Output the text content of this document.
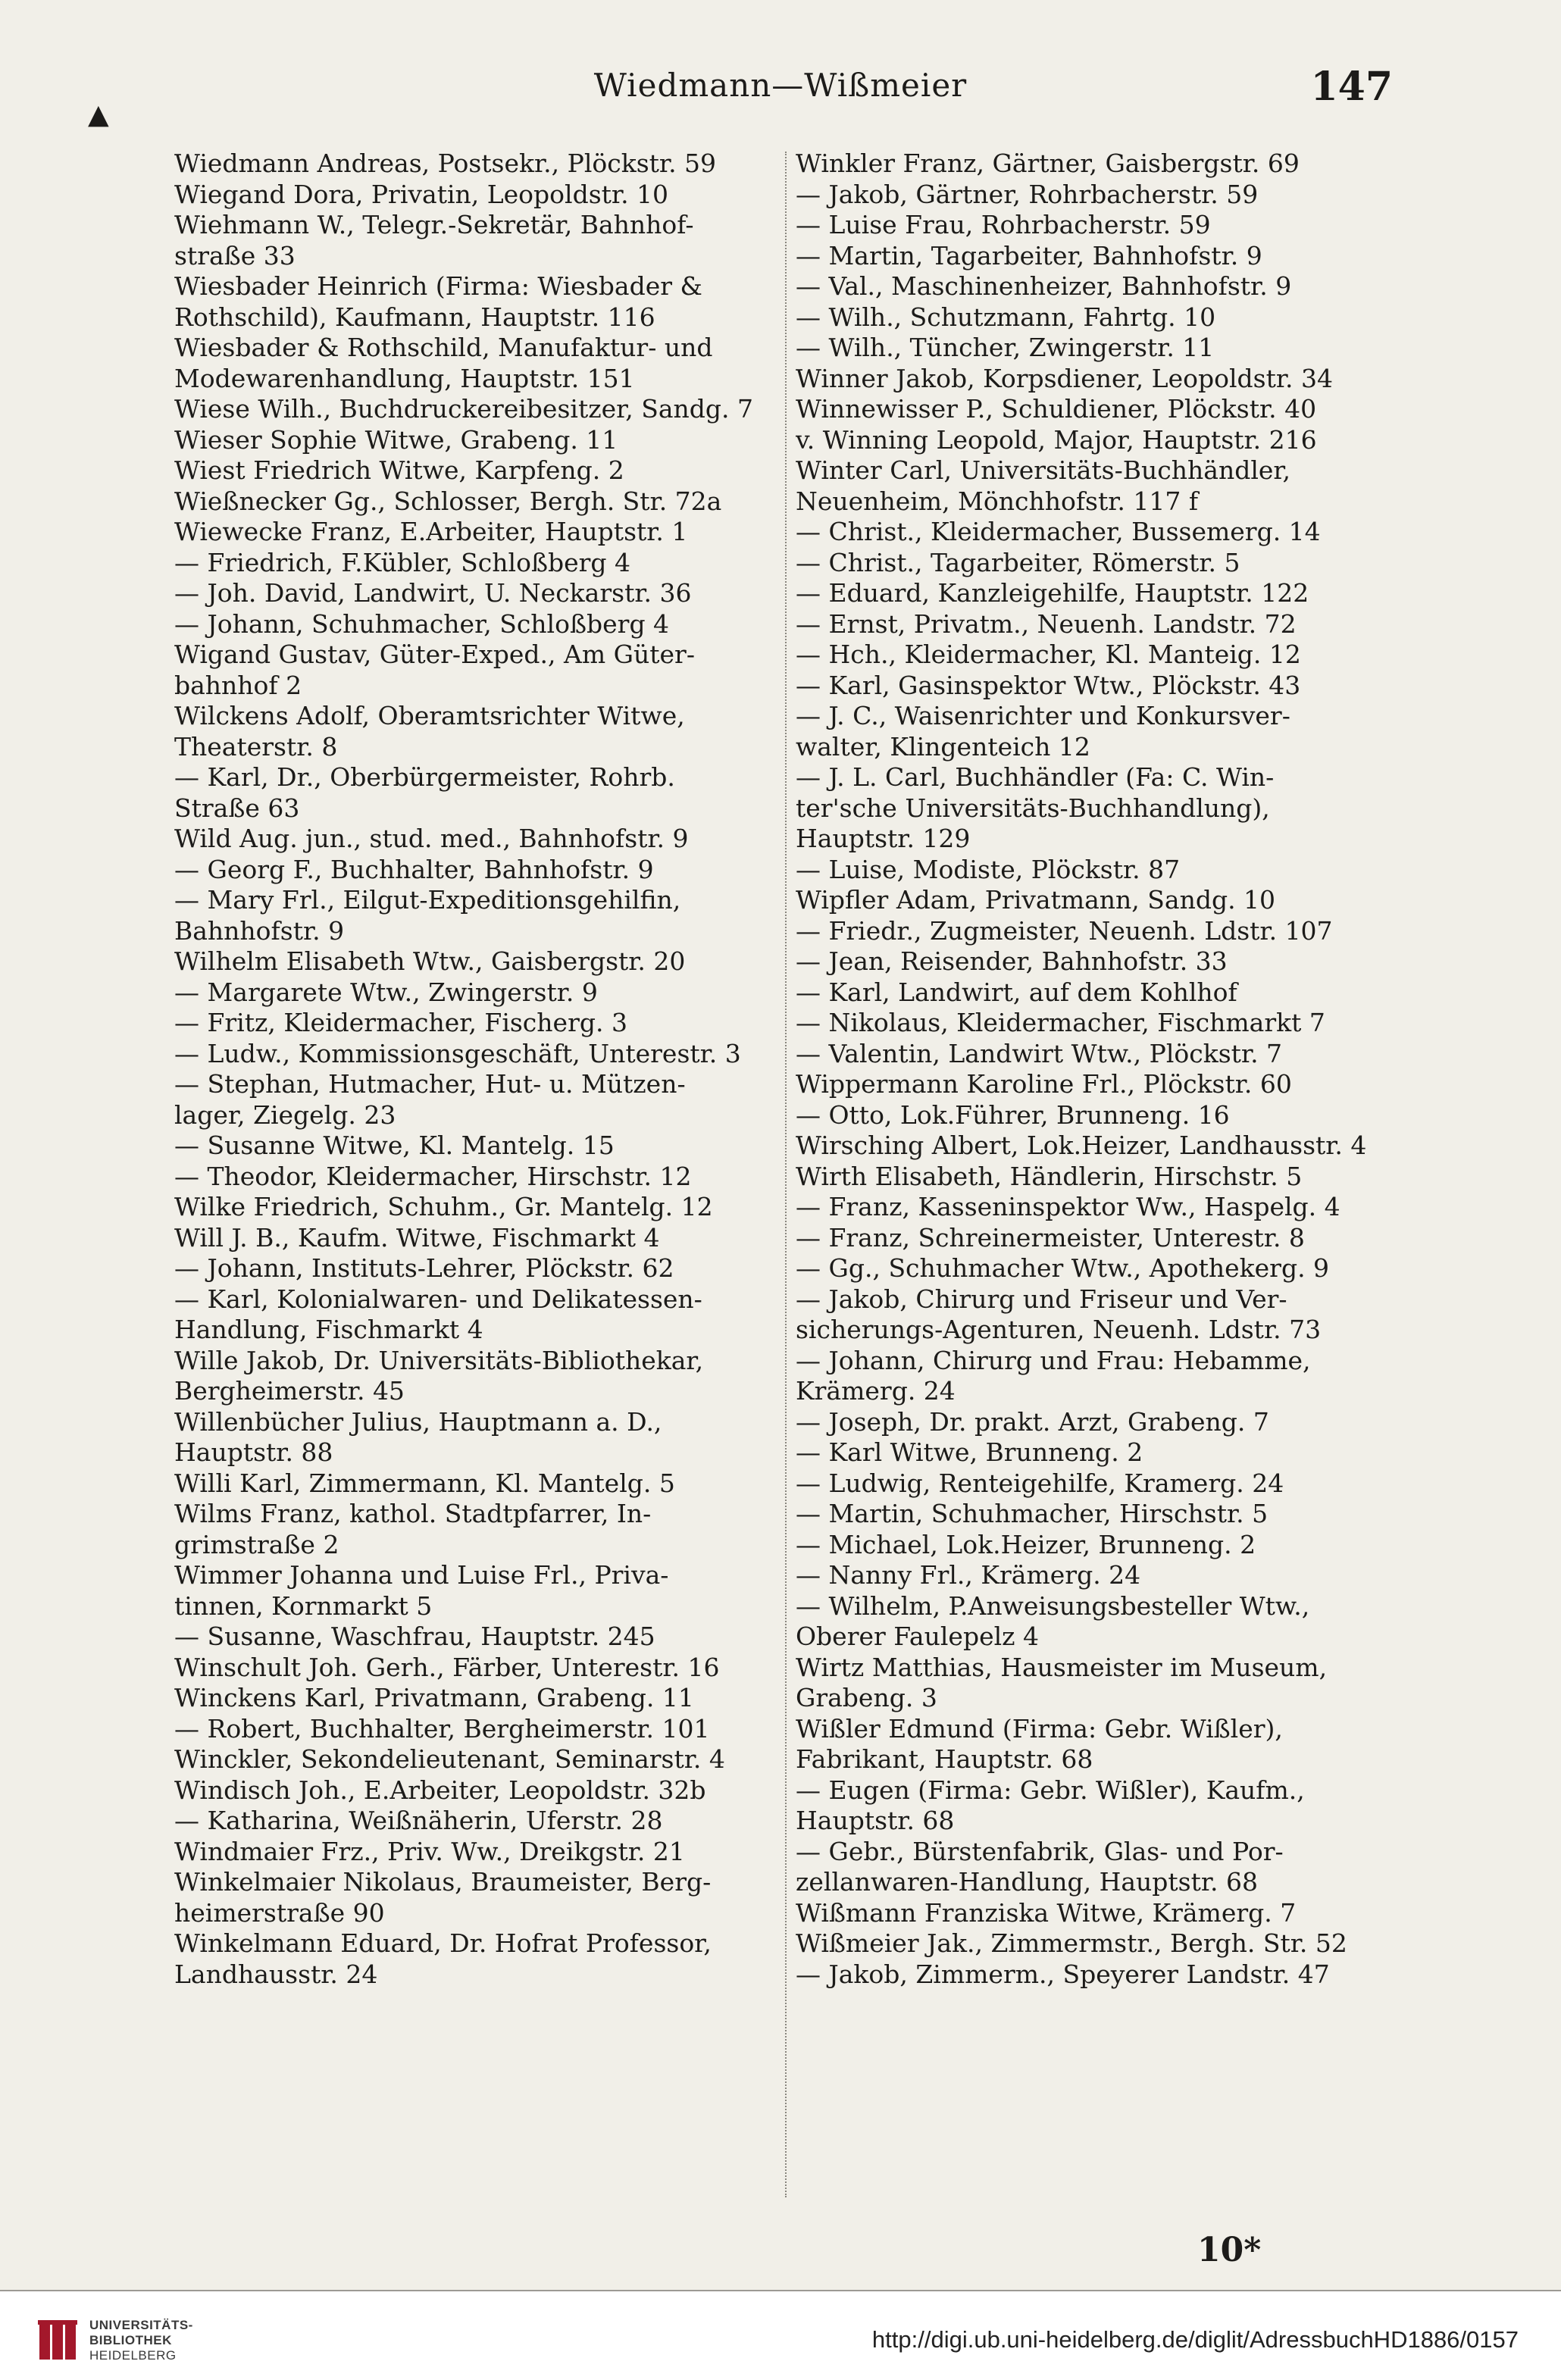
▲
Wiedmann—Wißmeier	147
Wiedmann Andreas, Postsekr., Plöckstr. 59
Wiegand Dora, Privatin, Leopoldstr. 10
Wiehmann W., Telegr.-Sekretär, Bahnhof-
straße 33
Wiesbader Heinrich (Firma: Wiesbader &
Rothschild), Kaufmann, Hauptstr. 116
Wiesbader & Rothschild, Manufaktur- und
Modewarenhandlung, Hauptstr. 151
Wiese Wilh., Buchdruckereibesitzer, Sandg. 7
Wieser Sophie Witwe, Grabeng. 11
Wiest Friedrich Witwe, Karpfeng. 2
Wießnecker Gg., Schlosser, Bergh. Str. 72a
Wiewecke Franz, E.Arbeiter, Hauptstr. 1
— Friedrich, F.Kübler, Schloßberg 4
— Joh. David, Landwirt, U. Neckarstr. 36
— Johann, Schuhmacher, Schloßberg 4
Wigand Gustav, Güter-Exped., Am Güter-
bahnhof 2
Wilckens Adolf, Oberamtsrichter Witwe,
Theaterstr. 8
— Karl, Dr., Oberbürgermeister, Rohrb.
Straße 63
Wild Aug. jun., stud. med., Bahnhofstr. 9
— Georg F., Buchhalter, Bahnhofstr. 9
— Mary Frl., Eilgut-Expeditionsgehilfin,
Bahnhofstr. 9
Wilhelm Elisabeth Wtw., Gaisbergstr. 20
— Margarete Wtw., Zwingerstr. 9
— Fritz, Kleidermacher, Fischerg. 3
— Ludw., Kommissionsgeschäft, Unterestr. 3
— Stephan, Hutmacher, Hut- u. Mützen-
lager, Ziegelg. 23
— Susanne Witwe, Kl. Mantelg. 15
— Theodor, Kleidermacher, Hirschstr. 12
Wilke Friedrich, Schuhm., Gr. Mantelg. 12
Will J. B., Kaufm. Witwe, Fischmarkt 4
— Johann, Instituts-Lehrer, Plöckstr. 62
— Karl, Kolonialwaren- und Delikatessen-
Handlung, Fischmarkt 4
Wille Jakob, Dr. Universitäts-Bibliothekar,
Bergheimerstr. 45
Willenbücher Julius, Hauptmann a. D.,
Hauptstr. 88
Willi Karl, Zimmermann, Kl. Mantelg. 5
Wilms Franz, kathol. Stadtpfarrer, In-
grimstraße 2
Wimmer Johanna und Luise Frl., Priva-
tinnen, Kornmarkt 5
— Susanne, Waschfrau, Hauptstr. 245
Winschult Joh. Gerh., Färber, Unterestr. 16
Winckens Karl, Privatmann, Grabeng. 11
— Robert, Buchhalter, Bergheimerstr. 101
Winckler, Sekondelieutenant, Seminarstr. 4
Windisch Joh., E.Arbeiter, Leopoldstr. 32b
— Katharina, Weißnäherin, Uferstr. 28
Windmaier Frz., Priv. Ww., Dreikgstr. 21
Winkelmaier Nikolaus, Braumeister, Berg-
heimerstraße 90
Winkelmann Eduard, Dr. Hofrat Professor,
Landhausstr. 24
Winkler Franz, Gärtner, Gaisbergstr. 69
— Jakob, Gärtner, Rohrbacherstr. 59
— Luise Frau, Rohrbacherstr. 59
— Martin, Tagarbeiter, Bahnhofstr. 9
— Val., Maschinenheizer, Bahnhofstr. 9
— Wilh., Schutzmann, Fahrtg. 10
— Wilh., Tüncher, Zwingerstr. 11
Winner Jakob, Korpsdiener, Leopoldstr. 34
Winnewisser P., Schuldiener, Plöckstr. 40
v. Winning Leopold, Major, Hauptstr. 216
Winter Carl, Universitäts-Buchhändler,
Neuenheim, Mönchhofstr. 117 f
— Christ., Kleidermacher, Bussemerg. 14
— Christ., Tagarbeiter, Römerstr. 5
— Eduard, Kanzleigehilfe, Hauptstr. 122
— Ernst, Privatm., Neuenh. Landstr. 72
— Hch., Kleidermacher, Kl. Manteig. 12
— Karl, Gasinspektor Wtw., Plöckstr. 43
— J. C., Waisenrichter und Konkursver-
walter, Klingenteich 12
— J. L. Carl, Buchhändler (Fa: C. Win-
ter'sche Universitäts-Buchhandlung),
Hauptstr. 129
— Luise, Modiste, Plöckstr. 87
Wipfler Adam, Privatmann, Sandg. 10
— Friedr., Zugmeister, Neuenh. Ldstr. 107
— Jean, Reisender, Bahnhofstr. 33
— Karl, Landwirt, auf dem Kohlhof
— Nikolaus, Kleidermacher, Fischmarkt 7
— Valentin, Landwirt Wtw., Plöckstr. 7
Wippermann Karoline Frl., Plöckstr. 60
— Otto, Lok.Führer, Brunneng. 16
Wirsching Albert, Lok.Heizer, Landhausstr. 4
Wirth Elisabeth, Händlerin, Hirschstr. 5
— Franz, Kasseninspektor Ww., Haspelg. 4
— Franz, Schreinermeister, Unterestr. 8
— Gg., Schuhmacher Wtw., Apothekerg. 9
— Jakob, Chirurg und Friseur und Ver-
sicherungs-Agenturen, Neuenh. Ldstr. 73
— Johann, Chirurg und Frau: Hebamme,
Krämerg. 24
— Joseph, Dr. prakt. Arzt, Grabeng. 7
— Karl Witwe, Brunneng. 2
— Ludwig, Renteigehilfe, Kramerg. 24
— Martin, Schuhmacher, Hirschstr. 5
— Michael, Lok.Heizer, Brunneng. 2
— Nanny Frl., Krämerg. 24
— Wilhelm, P.Anweisungsbesteller Wtw.,
Oberer Faulepelz 4
Wirtz Matthias, Hausmeister im Museum,
Grabeng. 3
Wißler Edmund (Firma: Gebr. Wißler),
Fabrikant, Hauptstr. 68
— Eugen (Firma: Gebr. Wißler), Kaufm.,
Hauptstr. 68
— Gebr., Bürstenfabrik, Glas- und Por-
zellanwaren-Handlung, Hauptstr. 68
Wißmann Franziska Witwe, Krämerg. 7
Wißmeier Jak., Zimmermstr., Bergh. Str. 52
— Jakob, Zimmerm., Speyerer Landstr. 47
10*
UNIVERSITÄTS-
BIBLIOTHEK
HEIDELBERG
http://digi.ub.uni-heidelberg.de/diglit/AdressbuchHD1886/0157
